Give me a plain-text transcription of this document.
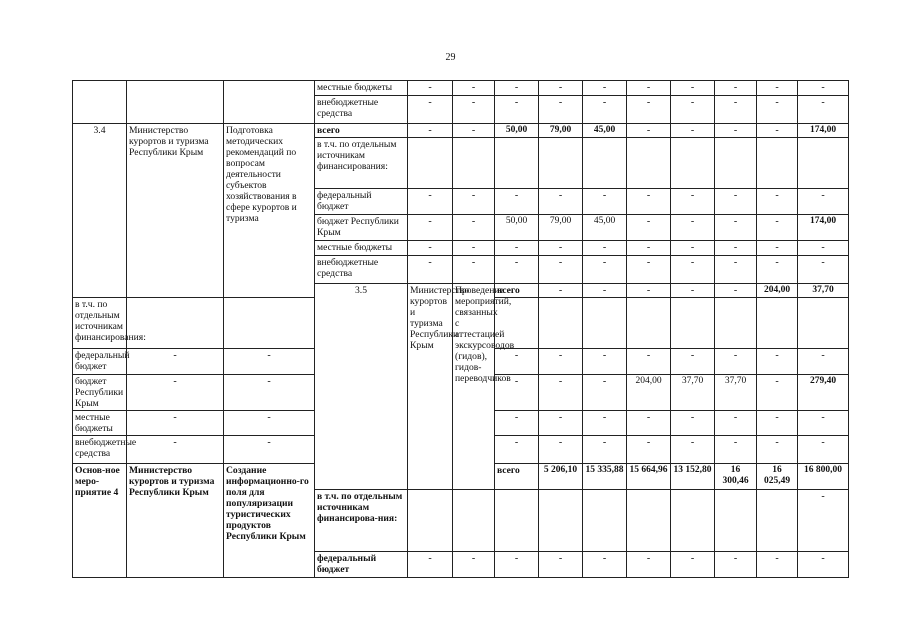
29
			местные бюджеты	-	-	-	-	-	-	-	-	-	-	
			внебюджетные средства	-	-	-	-	-	-	-	-	-	-	
3.4	Министерство курортов и туризма Республики Крым	Подготовка методических рекомендаций по вопросам деятельности субъектов хозяйствования в сфере курортов и туризма	всего	-	-	50,00	79,00	45,00	-	-	-	-	174,00	
			в т.ч. по отдельным источникам финансирования:											
			федеральный бюджет	-	-	-	-	-	-	-	-	-	-	
			бюджет Республики Крым	-	-	50,00	79,00	45,00	-	-	-	-	174,00	
			местные бюджеты	-	-	-	-	-	-	-	-	-	-	
			внебюджетные средства	-	-	-	-	-	-	-	-	-	-	
			3.5	Министерство курортов и туризма Республики Крым	Проведение мероприятий, связанных с аттестацией экскурсоводов (гидов), гидов-переводчиков	всего	-	-	-	-	-	204,00	37,70			
в т.ч. по отдельным источникам финансирования:														
федеральный бюджет	-	-				-	-	-	-	-	-	-	-	
бюджет Республики Крым	-	-				-	-	-	204,00	37,70	37,70	-	279,40	
местные бюджеты	-	-				-	-	-	-	-	-	-	-	
внебюджетные средства	-	-				-	-	-	-	-	-	-	-	
Основ-ное меро-приятие 4	Министерство курортов и туризма Республики Крым	Создание информационно-го поля для популяризации туристических продуктов Республики Крым				всего	5 206,10	15 335,88	15 664,96	13 152,80	16 300,46	16 025,49	16 800,00			
			в т.ч. по отдельным источникам финансирова-ния:										-	
			федеральный бюджет	-	-	-	-	-	-	-	-	-	-	
